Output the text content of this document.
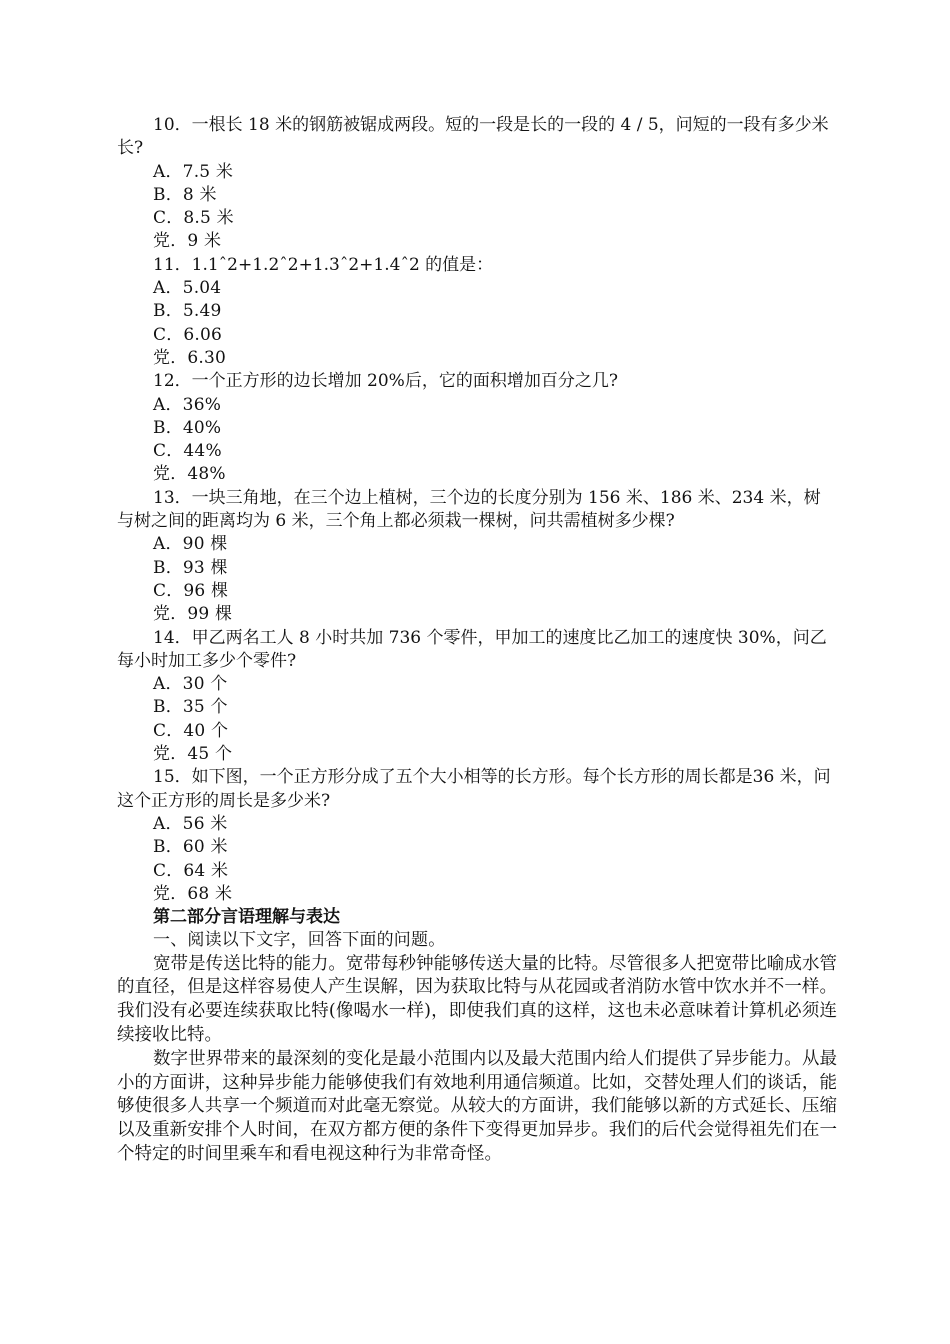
10．一根长 18 米的钢筋被锯成两段。短的一段是长的一段的 4 / 5，问短的一段有多少米长?

A．7.5 米
B．8 米
C．8.5 米
党．9 米

11．1.1ˆ2+1.2ˆ2+1.3ˆ2+1.4ˆ2 的值是：

A．5.04
B．5.49
C．6.06
党．6.30

12．一个正方形的边长增加 20%后，它的面积增加百分之几?

A．36%
B．40%
C．44%
党．48%

13．一块三角地，在三个边上植树，三个边的长度分别为 156 米、186 米、234 米，树与树之间的距离均为 6 米，三个角上都必须栽一棵树，问共需植树多少棵?

A．90 棵
B．93 棵
C．96 棵
党．99 棵

14．甲乙两名工人 8 小时共加 736 个零件，甲加工的速度比乙加工的速度快 30%，问乙每小时加工多少个零件?

A．30 个
B．35 个
C．40 个
党．45 个

15．如下图，一个正方形分成了五个大小相等的长方形。每个长方形的周长都是36 米，问这个正方形的周长是多少米?

A．56 米
B．60 米
C．64 米
党．68 米
第二部分言语理解与表达
一、阅读以下文字，回答下面的问题。

宽带是传送比特的能力。宽带每秒钟能够传送大量的比特。尽管很多人把宽带比喻成水管的直径，但是这样容易使人产生误解，因为获取比特与从花园或者消防水管中饮水并不一样。我们没有必要连续获取比特(像喝水一样)，即使我们真的这样，这也未必意味着计算机必须连续接收比特。

数字世界带来的最深刻的变化是最小范围内以及最大范围内给人们提供了异步能力。从最小的方面讲，这种异步能力能够使我们有效地利用通信频道。比如，交替处理人们的谈话，能够使很多人共享一个频道而对此毫无察觉。从较大的方面讲，我们能够以新的方式延长、压缩以及重新安排个人时间，在双方都方便的条件下变得更加异步。我们的后代会觉得祖先们在一个特定的时间里乘车和看电视这种行为非常奇怪。
